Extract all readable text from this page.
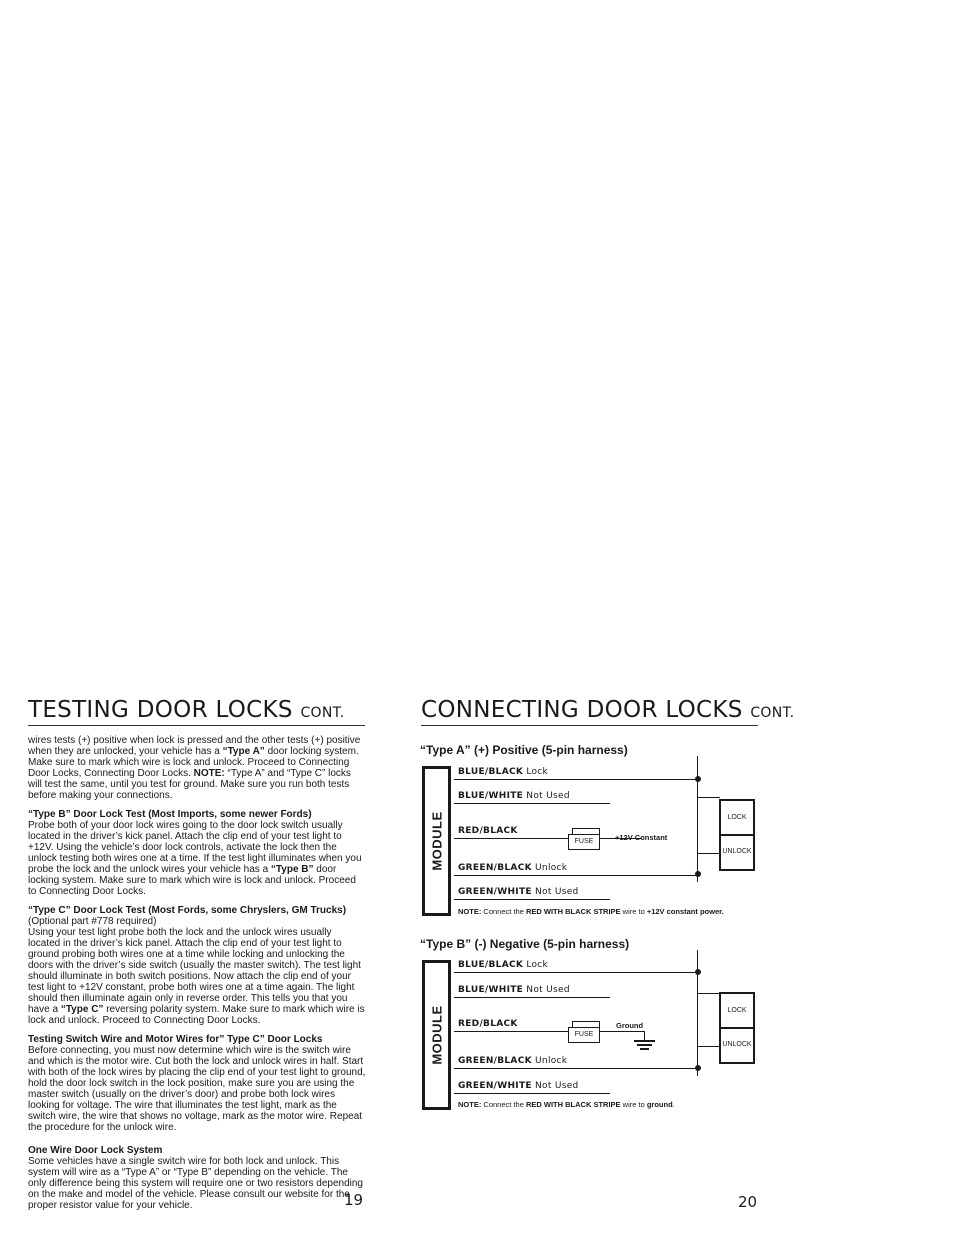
TESTING DOOR LOCKS CONT.

wires tests (+) positive when lock is pressed and the other tests (+) positive when they are unlocked, your vehicle has a “Type A” door locking system. Make sure to mark which wire is lock and unlock. Proceed to Connecting Door Locks, Connecting Door Locks. NOTE: “Type A” and “Type C” locks will test the same, until you test for ground. Make sure you run both tests before making your connections.

“Type B” Door Lock Test (Most Imports, some newer Fords)
Probe both of your door lock wires going to the door lock switch usually located in the driver’s kick panel. Attach the clip end of your test light to +12V. Using the vehicle’s door lock controls, activate the lock then the unlock testing both wires one at a time. If the test light illuminates when you probe the lock and the unlock wires your vehicle has a “Type B” door locking system. Make sure to mark which wire is lock and unlock. Proceed to Connecting Door Locks.

“Type C” Door Lock Test (Most Fords, some Chryslers, GM Trucks)
(Optional part #778 required)
Using your test light probe both the lock and the unlock wires usually located in the driver’s kick panel. Attach the clip end of your test light to ground probing both wires one at a time while locking and unlocking the doors with the driver’s side switch (usually the master switch). The test light should illuminate in both switch positions. Now attach the clip end of your test light to +12V constant, probe both wires one at a time again. The light should then illuminate again only in reverse order. This tells you that you have a “Type C” reversing polarity system. Make sure to mark which wire is lock and unlock. Proceed to Connecting Door Locks.

Testing Switch Wire and Motor Wires for” Type C” Door Locks
Before connecting, you must now determine which wire is the switch wire and which is the motor wire. Cut both the lock and unlock wires in half. Start with both of the lock wires by placing the clip end of your test light to ground, hold the door lock switch in the lock position, make sure you are using the master switch (usually on the driver’s door) and probe both lock wires looking for voltage. The wire that illuminates the test light, mark as the switch wire, the wire that shows no voltage, mark as the motor wire. Repeat the procedure for the unlock wire.

One Wire Door Lock System
Some vehicles have a single switch wire for both lock and unlock. This system will wire as a “Type A” or “Type B” depending on the vehicle. The only difference being this system will require one or two resistors depending on the make and model of the vehicle. Please consult our website for the proper resistor value for your vehicle.	19
CONNECTING DOOR LOCKS CONT.
“Type A” (+) Positive (5-pin harness)
MODULE
BLUE/BLACK Lock
BLUE/WHITE Not Used
RED/BLACK
FUSE	+12V Constant
GREEN/BLACK Unlock
GREEN/WHITE Not Used
LOCK
UNLOCK
NOTE: Connect the RED WITH BLACK STRIPE wire to +12V constant power.
“Type B” (-) Negative (5-pin harness)
MODULE
BLUE/BLACK Lock
BLUE/WHITE Not Used
RED/BLACK
FUSE
Ground
GREEN/BLACK Unlock
GREEN/WHITE Not Used
LOCK
UNLOCK
NOTE: Connect the RED WITH BLACK STRIPE wire to ground.
20
